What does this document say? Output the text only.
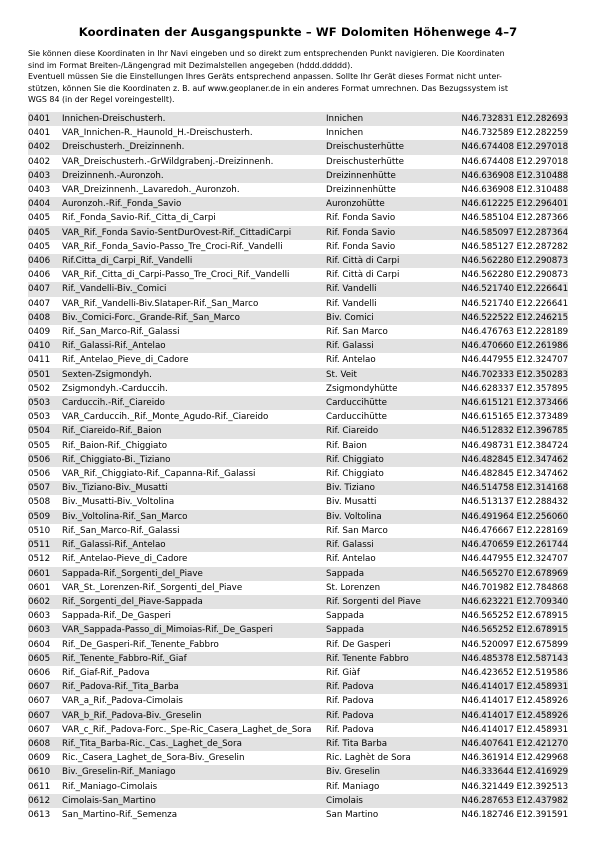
Koordinaten der Ausgangspunkte – WF Dolomiten Höhenwege 4–7

Sie können diese Koordinaten in Ihr Navi eingeben und so direkt zum entsprechenden Punkt navigieren. Die Koordinaten

sind im Format Breiten-/Längengrad mit Dezimalstellen angegeben (hddd.ddddd).

Eventuell müssen Sie die Einstellungen Ihres Geräts entsprechend anpassen. Sollte Ihr Gerät dieses Format nicht unter-

stützen, können Sie die Koordinaten z. B. auf www.geoplaner.de in ein anderes Format umrechnen. Das Bezugssystem ist

WGS 84 (in der Regel voreingestellt).

0401	Innichen-Dreischusterh.	Innichen	N46.732831 E12.282693
0401	VAR_Innichen-R._Haunold_H.-Dreischusterh.	Innichen	N46.732589 E12.282259
0402	Dreischusterh._Dreizinnenh.	Dreischusterhütte	N46.674408 E12.297018
0402	VAR_Dreischusterh.-GrWildgrabenj.-Dreizinnenh.	Dreischusterhütte	N46.674408 E12.297018
0403	Dreizinnenh.-Auronzoh.	Dreizinnenhütte	N46.636908 E12.310488
0403	VAR_Dreizinnenh._Lavaredoh._Auronzoh.	Dreizinnenhütte	N46.636908 E12.310488
0404	Auronzoh.-Rif._Fonda_Savio	Auronzohütte	N46.612225 E12.296401
0405	Rif._Fonda_Savio-Rif._Citta_di_Carpi	Rif. Fonda Savio	N46.585104 E12.287366
0405	VAR_Rif._Fonda Savio-SentDurOvest-Rif._CittadiCarpi	Rif. Fonda Savio	N46.585097 E12.287364
0405	VAR_Rif._Fonda_Savio-Passo_Tre_Croci-Rif._Vandelli	Rif. Fonda Savio	N46.585127 E12.287282
0406	Rif.Citta_di_Carpi_Rif._Vandelli	Rif. Città di Carpi	N46.562280 E12.290873
0406	VAR_Rif._Citta_di_Carpi-Passo_Tre_Croci_Rif._Vandelli	Rif. Città di Carpi	N46.562280 E12.290873
0407	Rif._Vandelli-Biv._Comici	Rif. Vandelli	N46.521740 E12.226641
0407	VAR_Rif._Vandelli-Biv.Slataper-Rif._San_Marco	Rif. Vandelli	N46.521740 E12.226641
0408	Biv._Comici-Forc._Grande-Rif._San_Marco	Biv. Comici	N46.522522 E12.246215
0409	Rif._San_Marco-Rif._Galassi	Rif. San Marco	N46.476763 E12.228189
0410	Rif._Galassi-Rif._Antelao	Rif. Galassi	N46.470660 E12.261986
0411	Rif._Antelao_Pieve_di_Cadore	Rif. Antelao	N46.447955 E12.324707
0501	Sexten-Zsigmondyh.	St. Veit	N46.702333 E12.350283
0502	Zsigmondyh.-Carduccih.	Zsigmondyhütte	N46.628337 E12.357895
0503	Carduccih.-Rif._Ciareido	Carduccihütte	N46.615121 E12.373466
0503	VAR_Carduccih._Rif._Monte_Agudo-Rif._Ciareido	Carduccihütte	N46.615165 E12.373489
0504	Rif._Ciareido-Rif._Baion	Rif. Ciareido	N46.512832 E12.396785
0505	Rif._Baion-Rif._Chiggiato	Rif. Baion	N46.498731 E12.384724
0506	Rif._Chiggiato-Bi._Tiziano	Rif. Chiggiato	N46.482845 E12.347462
0506	VAR_Rif._Chiggiato-Rif._Capanna-Rif._Galassi	Rif. Chiggiato	N46.482845 E12.347462
0507	Biv._Tiziano-Biv._Musatti	Biv. Tiziano	N46.514758 E12.314168
0508	Biv._Musatti-Biv._Voltolina	Biv. Musatti	N46.513137 E12.288432
0509	Biv._Voltolina-Rif._San_Marco	Biv. Voltolina	N46.491964 E12.256060
0510	Rif._San_Marco-Rif._Galassi	Rif. San Marco	N46.476667 E12.228169
0511	Rif._Galassi-Rif._Antelao	Rif. Galassi	N46.470659 E12.261744
0512	Rif._Antelao-Pieve_di_Cadore	Rif. Antelao	N46.447955 E12.324707
0601	Sappada-Rif._Sorgenti_del_Piave	Sappada	N46.565270 E12.678969
0601	VAR_St._Lorenzen-Rif._Sorgenti_del_Piave	St. Lorenzen	N46.701982 E12.784868
0602	Rif._Sorgenti_del_Piave-Sappada	Rif. Sorgenti del Piave	N46.623221 E12.709340
0603	Sappada-Rif._De_Gasperi	Sappada	N46.565252 E12.678915
0603	VAR_Sappada-Passo_di_Mimoias-Rif._De_Gasperi	Sappada	N46.565252 E12.678915
0604	Rif._De_Gasperi-Rif._Tenente_Fabbro	Rif. De Gasperi	N46.520097 E12.675899
0605	Rif._Tenente_Fabbro-Rif._Giaf	Rif. Tenente Fabbro	N46.485378 E12.587143
0606	Rif._Giaf-Rif._Padova	Rif. Giàf	N46.423652 E12.519586
0607	Rif._Padova-Rif._Tita_Barba	Rif. Padova	N46.414017 E12.458931
0607	VAR_a_Rif._Padova-Cimolais	Rif. Padova	N46.414017 E12.458926
0607	VAR_b_Rif._Padova-Biv._Greselin	Rif. Padova	N46.414017 E12.458926
0607	VAR_c_Rif._Padova-Forc._Spe-Ric_Casera_Laghet_de_Sora	Rif. Padova	N46.414017 E12.458931
0608	Rif._Tita_Barba-Ric._Cas._Laghet_de_Sora	Rif. Tita Barba	N46.407641 E12.421270
0609	Ric._Casera_Laghet_de_Sora-Biv._Greselin	Ric. Laghèt de Sora	N46.361914 E12.429968
0610	Biv._Greselin-Rif._Maniago	Biv. Greselin	N46.333644 E12.416929
0611	Rif._Maniago-Cimolais	Rif. Maniago	N46.321449 E12.392513
0612	Cimolais-San_Martino	Cimolais	N46.287653 E12.437982
0613	San_Martino-Rif._Semenza	San Martino	N46.182746 E12.391591
